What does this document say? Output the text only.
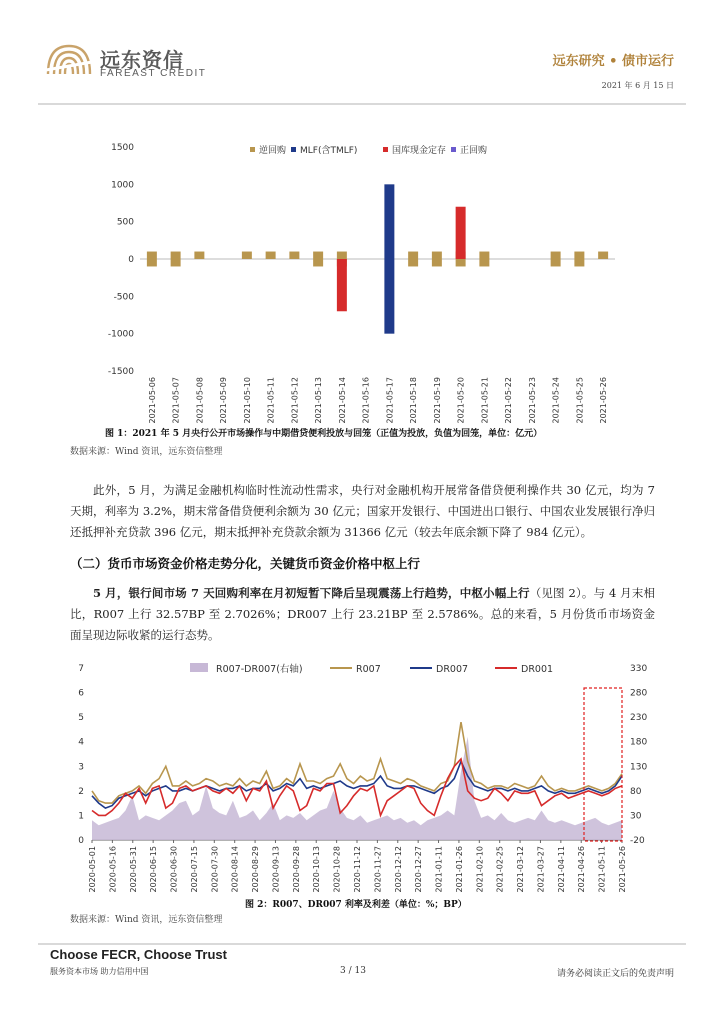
远东资信
FAREAST CREDIT
远东研究 • 债市运行
2021 年 6 月 15 日
-1500
-1000
-500
0
500
1000
1500
2021-05-06 2021-05-07 2021-05-08 2021-05-09 2021-05-10 2021-05-11 2021-05-12 2021-05-13 2021-05-14 2021-05-16 2021-05-17 2021-05-18 2021-05-19 2021-05-20 2021-05-21 2021-05-22 2021-05-23 2021-05-24 2021-05-25 2021-05-26
逆回购 MLF(含TMLF)	国库现金定存 正回购
图 1：2021 年 5 月央行公开市场操作与中期借贷便利投放与回笼（正值为投放，负值为回笼，单位：亿元）
数据来源：Wind 资讯，远东资信整理
此外，5 月，为满足金融机构临时性流动性需求，央行对金融机构开展常备借贷便利操作共 30 亿元，均为 7 天期，利率为 3.2%，期末常备借贷便利余额为 30 亿元；国家开发银行、中国进出口银行、中国农业发展银行净归还抵押补充贷款 396 亿元，期末抵押补充贷款余额为 31366 亿元（较去年底余额下降了 984 亿元）。
（二）货币市场资金价格走势分化，关键货币资金价格中枢上行
5 月，银行间市场 7 天回购利率在月初短暂下降后呈现震荡上行趋势，中枢小幅上行（见图 2）。与 4 月末相比，R007 上行 32.57BP 至 2.7026%；DR007 上行 23.21BP 至 2.5786%。总的来看，5 月份货币市场资金面呈现边际收紧的运行态势。
0
1
2
3
4
5
6
7
-20
30
80
130
180
230
280
330
2020-05-01 2020-05-16 2020-05-31 2020-06-15 2020-06-30 2020-07-15 2020-07-30 2020-08-14 2020-08-29 2020-09-13 2020-09-28 2020-10-13 2020-10-28 2020-11-12 2020-11-27 2020-12-12 2020-12-27 2021-01-11 2021-01-26 2021-02-10 2021-02-25 2021-03-12 2021-03-27 2021-04-11 2021-04-26 2021-05-11 2021-05-26
R007-DR007(右轴)	R007	DR007	DR001
图 2：R007、DR007 利率及利差（单位：%；BP）
数据来源：Wind 资讯，远东资信整理
Choose FECR, Choose Trust
服务资本市场 助力信用中国	3 / 13	请务必阅读正文后的免责声明
